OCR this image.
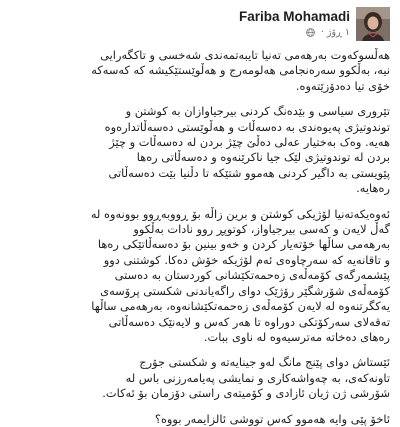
Fariba Mohamadi
· ١ ڕۆژ

هەڵسوکەوت بەرهەمی تەنیا تایبەتمەندی شەخسی و تاکگەرایی
نیە، بەڵکوو سەرەنجامی هەلومەرج و هەڵوێستێکیشە کە کەسەکە
خۆی تیا دەدۆزێتەوە.

تێروری سیاسی و بێدەنگ کردنی بیرجیاوازان بە کوشتن و
توندوتیژی پەیوەندی بە دەسەڵات و هەڵوێستی دەسەڵاتدارەوە
هەیە. وەک بەختیار عەلی دەڵێ چێژ بردن لە دەسەڵات و چێژ
بردن لە توندوتیژی لێک جیا ناکرێنەوە و دەسەڵاتی رەها
پێویستی بە داگیر کردنی هەموو شتێکە تا دڵنیا بێت دەسەڵاتی
رەهایە.

ئەوەیکەتەنیا لۆژیکی کوشتن و برین زاڵە بۆ ڕووبەڕوو بوونەوە لە
گەڵ لایەن و کەسی بیرجیاواز، کوتوپڕ روو نادات بەڵکوو
بەرهەمی ساڵها خۆتەیار کردن و خەو بینین بۆ دەسەڵاتێکی رەها
و تاقانەیە کە سەرچاوەی ئەم لۆژیکە خۆش دەکا. کوشتنی دوو
پێشمەرگەی کۆمەڵەی زەحمەتکێشانی کوردستان بە دەستی
کۆمەڵەی شۆرشگێر رۆژێک دوای راگەیاندنی شکستی پرۆسەی
یەکگرتنەوە لە لایەن کۆمەڵەی زەحمەتکێشانەوە، بەرهەمی ساڵها
تەقەلای سەرکۆتکی دوراوە تا هەر کەس و لایەنێک دەسەڵاتی
رەهای دەخاتە مەترسیەوە لە ناوی ببات.

ئێستاش دوای پێنج مانگ لەو جینایەتە و شکستی جۆرج
تاونەکەی، بە چەواشەکاری و نمایشی پەیامەرزنی باس لە
شۆرشی ژن ژیان ئازادی و کۆمیتەی راستی دۆزمان بۆ ئەکات.

ئاخۆ پێی وایە هەموو کەس تووشی ئالزایمەر بووە؟
